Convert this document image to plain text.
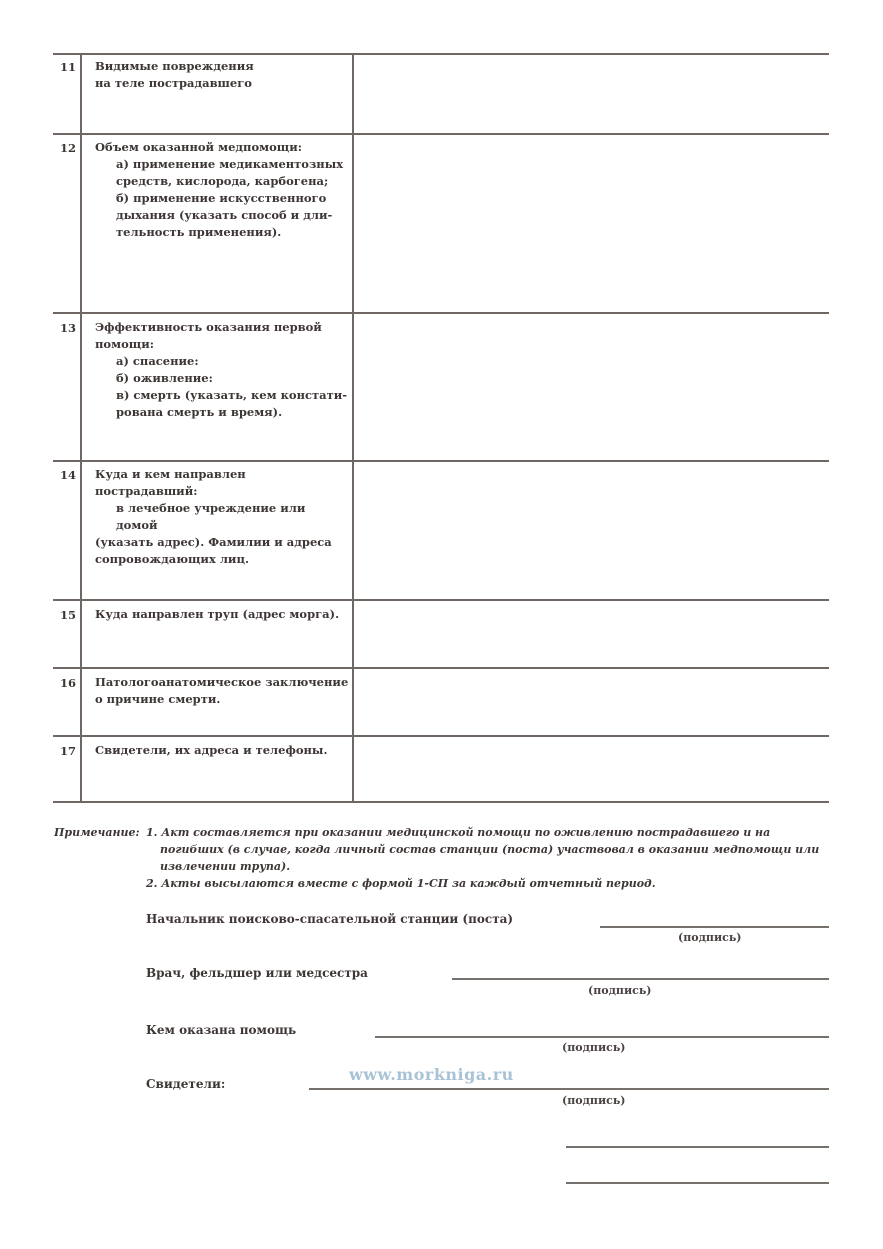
11	Видимые повреждения
на теле пострадавшего
12	Объем оказанной медпомощи:
а) применение медикаментозных
средств, кислорода, карбогена;
б) применение искусственного
дыхания (указать способ и дли-
тельность применения).
13	Эффективность оказания первой
помощи:
а) спасение:
б) оживление:
в) смерть (указать, кем констати-
рована смерть и время).
14	Куда и кем направлен пострадавший:
в лечебное учреждение или домой
(указать адрес). Фамилии и адреса
сопровождающих лиц.
15	Куда направлен труп (адрес морга).
16	Патологоанатомическое заключение
о причине смерти.
17	Свидетели, их адреса и телефоны.
Примечание: 1. Акт составляется при оказании медицинской помощи по оживлению пострадавшего и на погибших (в случае, когда личный состав станции (поста) участвовал в оказании медпомощи или извлечении трупа).
2. Акты высылаются вместе с формой 1-СП за каждый отчетный период.
Начальник поисково-спасательной станции (поста)
(подпись)
Врач, фельдшер или медсестра
(подпись)
Кем оказана помощь
(подпись)
www.morkniga.ru
Свидетели:
(подпись)
